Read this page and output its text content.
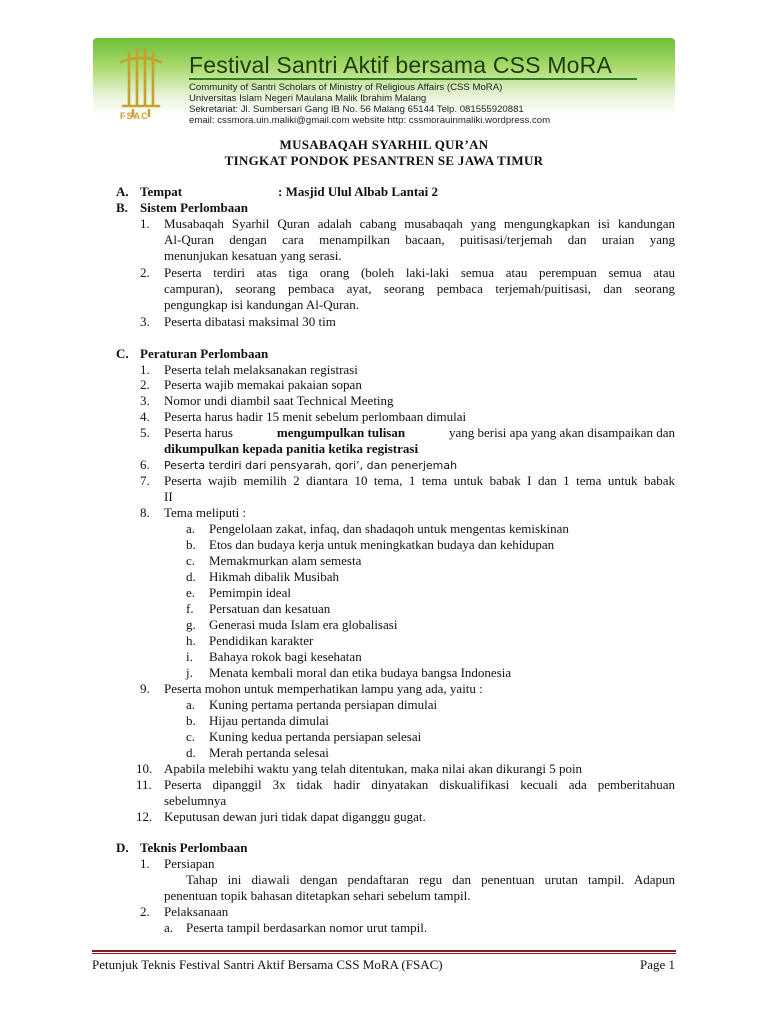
FSAC
Festival Santri Aktif bersama CSS MoRA
Community of Santri Scholars of Ministry of Religious Affairs (CSS MoRA)
Universitas Islam Negeri Maulana Malik Ibrahim Malang
Sekretariat: Jl. Sumbersari Gang IB No. 56 Malang 65144 Telp. 081555920881
email: cssmora.uin.maliki@gmail.com website http: cssmorauinmaliki.wordpress.com
MUSABAQAH SYARHIL QUR’AN
TINGKAT PONDOK PESANTREN SE JAWA TIMUR
A. Tempat	: Masjid Ulul Albab Lantai 2
B. Sistem Perlombaan
1. Musabaqah Syarhil Quran adalah cabang musabaqah yang mengungkapkan isi kandungan
Al-Quran dengan cara menampilkan bacaan, puitisasi/terjemah dan uraian yang
menunjukan kesatuan yang serasi.
2. Peserta terdiri atas tiga orang (boleh laki-laki semua atau perempuan semua atau
campuran), seorang pembaca ayat, seorang pembaca terjemah/puitisasi, dan seorang
pengungkap isi kandungan Al-Quran.
3. Peserta dibatasi maksimal 30 tim
C. Peraturan Perlombaan
1. Peserta telah melaksanakan registrasi
2. Peserta wajib memakai pakaian sopan
3. Nomor undi diambil saat Technical Meeting
4. Peserta harus hadir 15 menit sebelum perlombaan dimulai
5. Peserta harus	mengumpulkan tulisan	yang berisi apa yang akan disampaikan dan
dikumpulkan kepada panitia ketika registrasi
6. Peserta terdiri dari pensyarah, qori’, dan penerjemah
7. Peserta wajib memilih 2 diantara 10 tema, 1 tema untuk babak I dan 1 tema untuk babak
II
8. Tema meliputi :
a. Pengelolaan zakat, infaq, dan shadaqoh untuk mengentas kemiskinan
b. Etos dan budaya kerja untuk meningkatkan budaya dan kehidupan
c. Memakmurkan alam semesta
d. Hikmah dibalik Musibah
e. Pemimpin ideal
f. Persatuan dan kesatuan
g. Generasi muda Islam era globalisasi
h. Pendidikan karakter
i. Bahaya rokok bagi kesehatan
j. Menata kembali moral dan etika budaya bangsa Indonesia
9. Peserta mohon untuk memperhatikan lampu yang ada, yaitu :
a. Kuning pertama pertanda persiapan dimulai
b. Hijau pertanda dimulai
c. Kuning kedua pertanda persiapan selesai
d. Merah pertanda selesai
10. Apabila melebihi waktu yang telah ditentukan, maka nilai akan dikurangi 5 poin
11. Peserta dipanggil 3x tidak hadir dinyatakan diskualifikasi kecuali ada pemberitahuan
sebelumnya
12. Keputusan dewan juri tidak dapat diganggu gugat.
D. Teknis Perlombaan
1. Persiapan
Tahap ini diawali dengan pendaftaran regu dan penentuan urutan tampil. Adapun
penentuan topik bahasan ditetapkan sehari sebelum tampil.
2. Pelaksanaan
a. Peserta tampil berdasarkan nomor urut tampil.
Petunjuk Teknis Festival Santri Aktif Bersama CSS MoRA (FSAC)	Page 1
